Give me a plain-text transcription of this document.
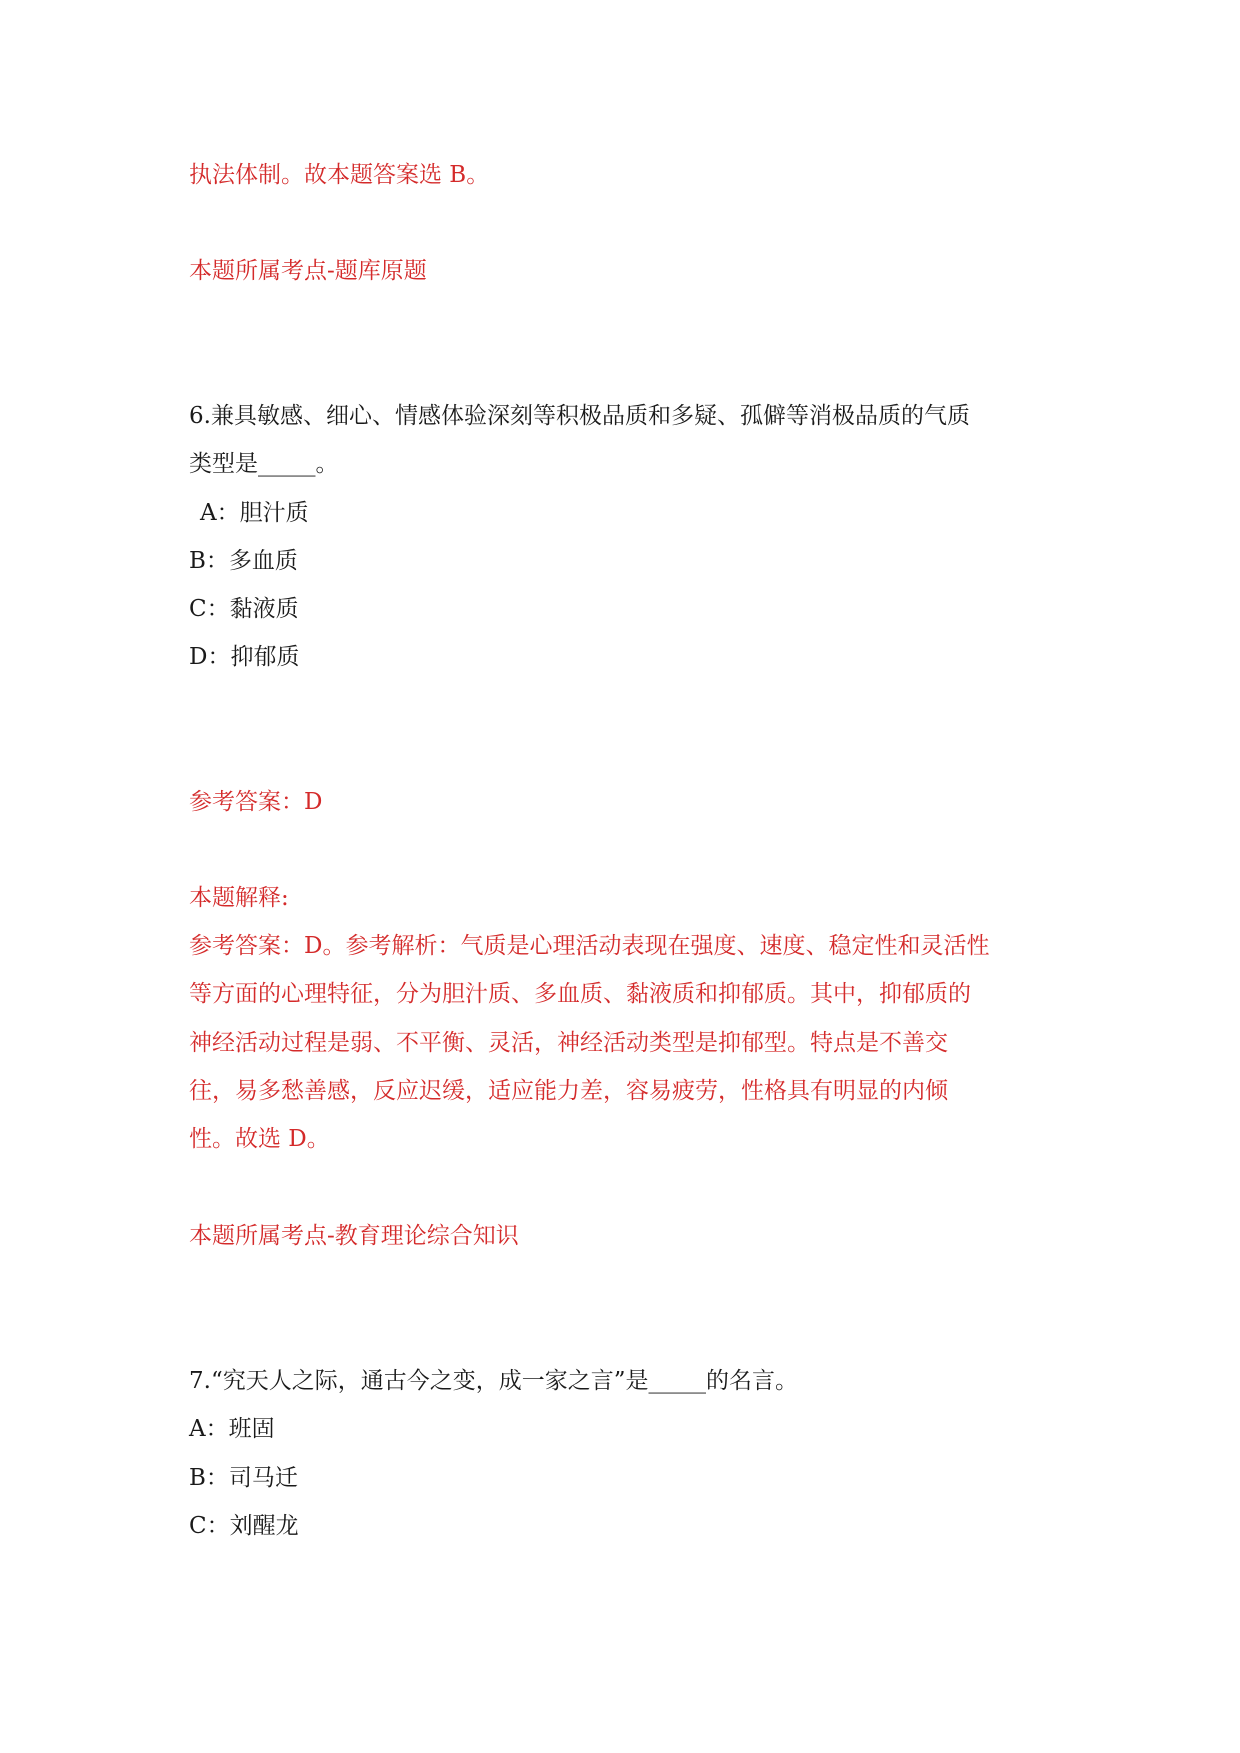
执法体制。故本题答案选 B。
本题所属考点-题库原题
6.兼具敏感、细心、情感体验深刻等积极品质和多疑、孤僻等消极品质的气质
类型是_____。
A：胆汁质
B：多血质
C：黏液质
D：抑郁质
参考答案：D
本题解释:
参考答案：D。参考解析：气质是心理活动表现在强度、速度、稳定性和灵活性
等方面的心理特征，分为胆汁质、多血质、黏液质和抑郁质。其中，抑郁质的
神经活动过程是弱、不平衡、灵活，神经活动类型是抑郁型。特点是不善交
往，易多愁善感，反应迟缓，适应能力差，容易疲劳，性格具有明显的内倾
性。故选 D。
本题所属考点-教育理论综合知识
7.“究天人之际，通古今之变，成一家之言”是_____的名言。
A：班固
B：司马迁
C：刘醒龙
